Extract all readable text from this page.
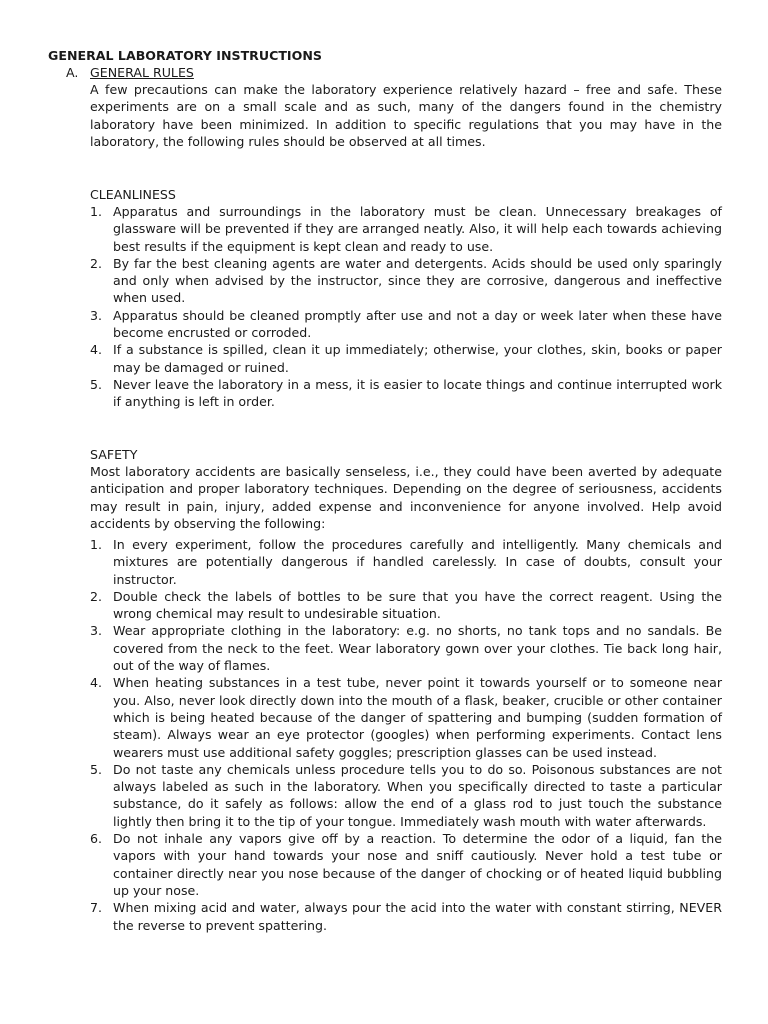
GENERAL LABORATORY INSTRUCTIONS
A. GENERAL RULES

A few precautions can make the laboratory experience relatively hazard – free and safe. These experiments are on a small scale and as such, many of the dangers found in the chemistry laboratory have been minimized. In addition to specific regulations that you may have in the laboratory, the following rules should be observed at all times.

CLEANLINESS
1. Apparatus and surroundings in the laboratory must be clean. Unnecessary breakages of glassware will be prevented if they are arranged neatly. Also, it will help each towards achieving best results if the equipment is kept clean and ready to use.
2. By far the best cleaning agents are water and detergents. Acids should be used only sparingly and only when advised by the instructor, since they are corrosive, dangerous and ineffective when used.
3. Apparatus should be cleaned promptly after use and not a day or week later when these have become encrusted or corroded.
4. If a substance is spilled, clean it up immediately; otherwise, your clothes, skin, books or paper may be damaged or ruined.
5. Never leave the laboratory in a mess, it is easier to locate things and continue interrupted work if anything is left in order.
SAFETY

Most laboratory accidents are basically senseless, i.e., they could have been averted by adequate anticipation and proper laboratory techniques. Depending on the degree of seriousness, accidents may result in pain, injury, added expense and inconvenience for anyone involved. Help avoid accidents by observing the following:

1. In every experiment, follow the procedures carefully and intelligently. Many chemicals and mixtures are potentially dangerous if handled carelessly. In case of doubts, consult your instructor.
2. Double check the labels of bottles to be sure that you have the correct reagent. Using the wrong chemical may result to undesirable situation.
3. Wear appropriate clothing in the laboratory: e.g. no shorts, no tank tops and no sandals. Be covered from the neck to the feet. Wear laboratory gown over your clothes. Tie back long hair, out of the way of flames.
4. When heating substances in a test tube, never point it towards yourself or to someone near you. Also, never look directly down into the mouth of a flask, beaker, crucible or other container which is being heated because of the danger of spattering and bumping (sudden formation of steam). Always wear an eye protector (googles) when performing experiments. Contact lens wearers must use additional safety goggles; prescription glasses can be used instead.
5. Do not taste any chemicals unless procedure tells you to do so. Poisonous substances are not always labeled as such in the laboratory. When you specifically directed to taste a particular substance, do it safely as follows: allow the end of a glass rod to just touch the substance lightly then bring it to the tip of your tongue. Immediately wash mouth with water afterwards.
6. Do not inhale any vapors give off by a reaction. To determine the odor of a liquid, fan the vapors with your hand towards your nose and sniff cautiously. Never hold a test tube or container directly near you nose because of the danger of chocking or of heated liquid bubbling up your nose.
7. When mixing acid and water, always pour the acid into the water with constant stirring, NEVER the reverse to prevent spattering.
